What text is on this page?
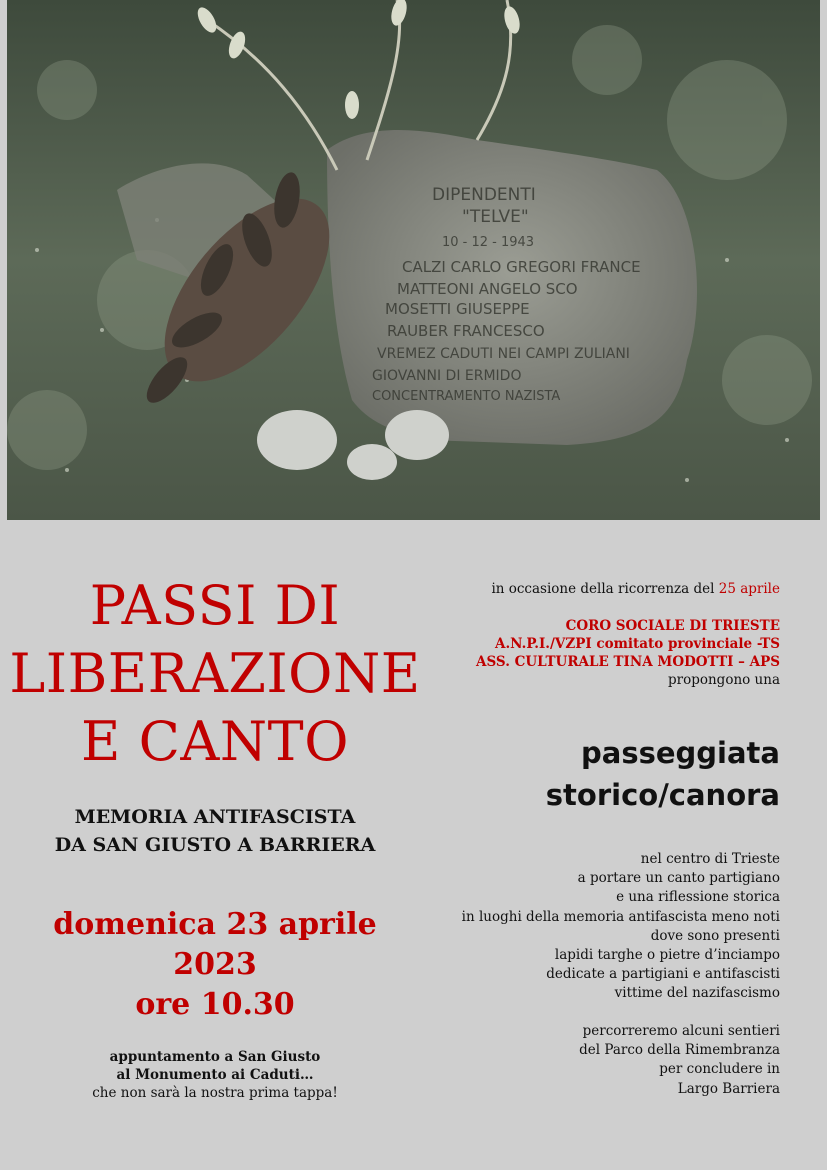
DIPENDENTI
"TELVE"
10 - 12 - 1943
CALZI CARLO GREGORI FRANCE
MATTEONI ANGELO SCO
MOSETTI GIUSEPPE
RAUBER FRANCESCO
VREMEZ CADUTI NEI CAMPI ZULIANI
GIOVANNI DI ERMIDO
CONCENTRAMENTO NAZISTA
PASSI DI
LIBERAZIONE
E CANTO
MEMORIA ANTIFASCISTA
DA SAN GIUSTO A BARRIERA
domenica 23 aprile
2023
ore 10.30
appuntamento a San Giusto
al Monumento ai Caduti…
che non sarà la nostra prima tappa!
in occasione della ricorrenza del 25 aprile
CORO SOCIALE DI TRIESTE
A.N.P.I./VZPI comitato provinciale -TS
ASS. CULTURALE TINA MODOTTI – APS
propongono una
passeggiata
storico/canora
nel centro di Trieste
a portare un canto partigiano
e una riflessione storica
in luoghi della memoria antifascista meno noti
dove sono presenti
lapidi targhe o pietre d’inciampo
dedicate a partigiani e antifascisti
vittime del nazifascismo
percorreremo alcuni sentieri
del Parco della Rimembranza
per concludere in
Largo Barriera
